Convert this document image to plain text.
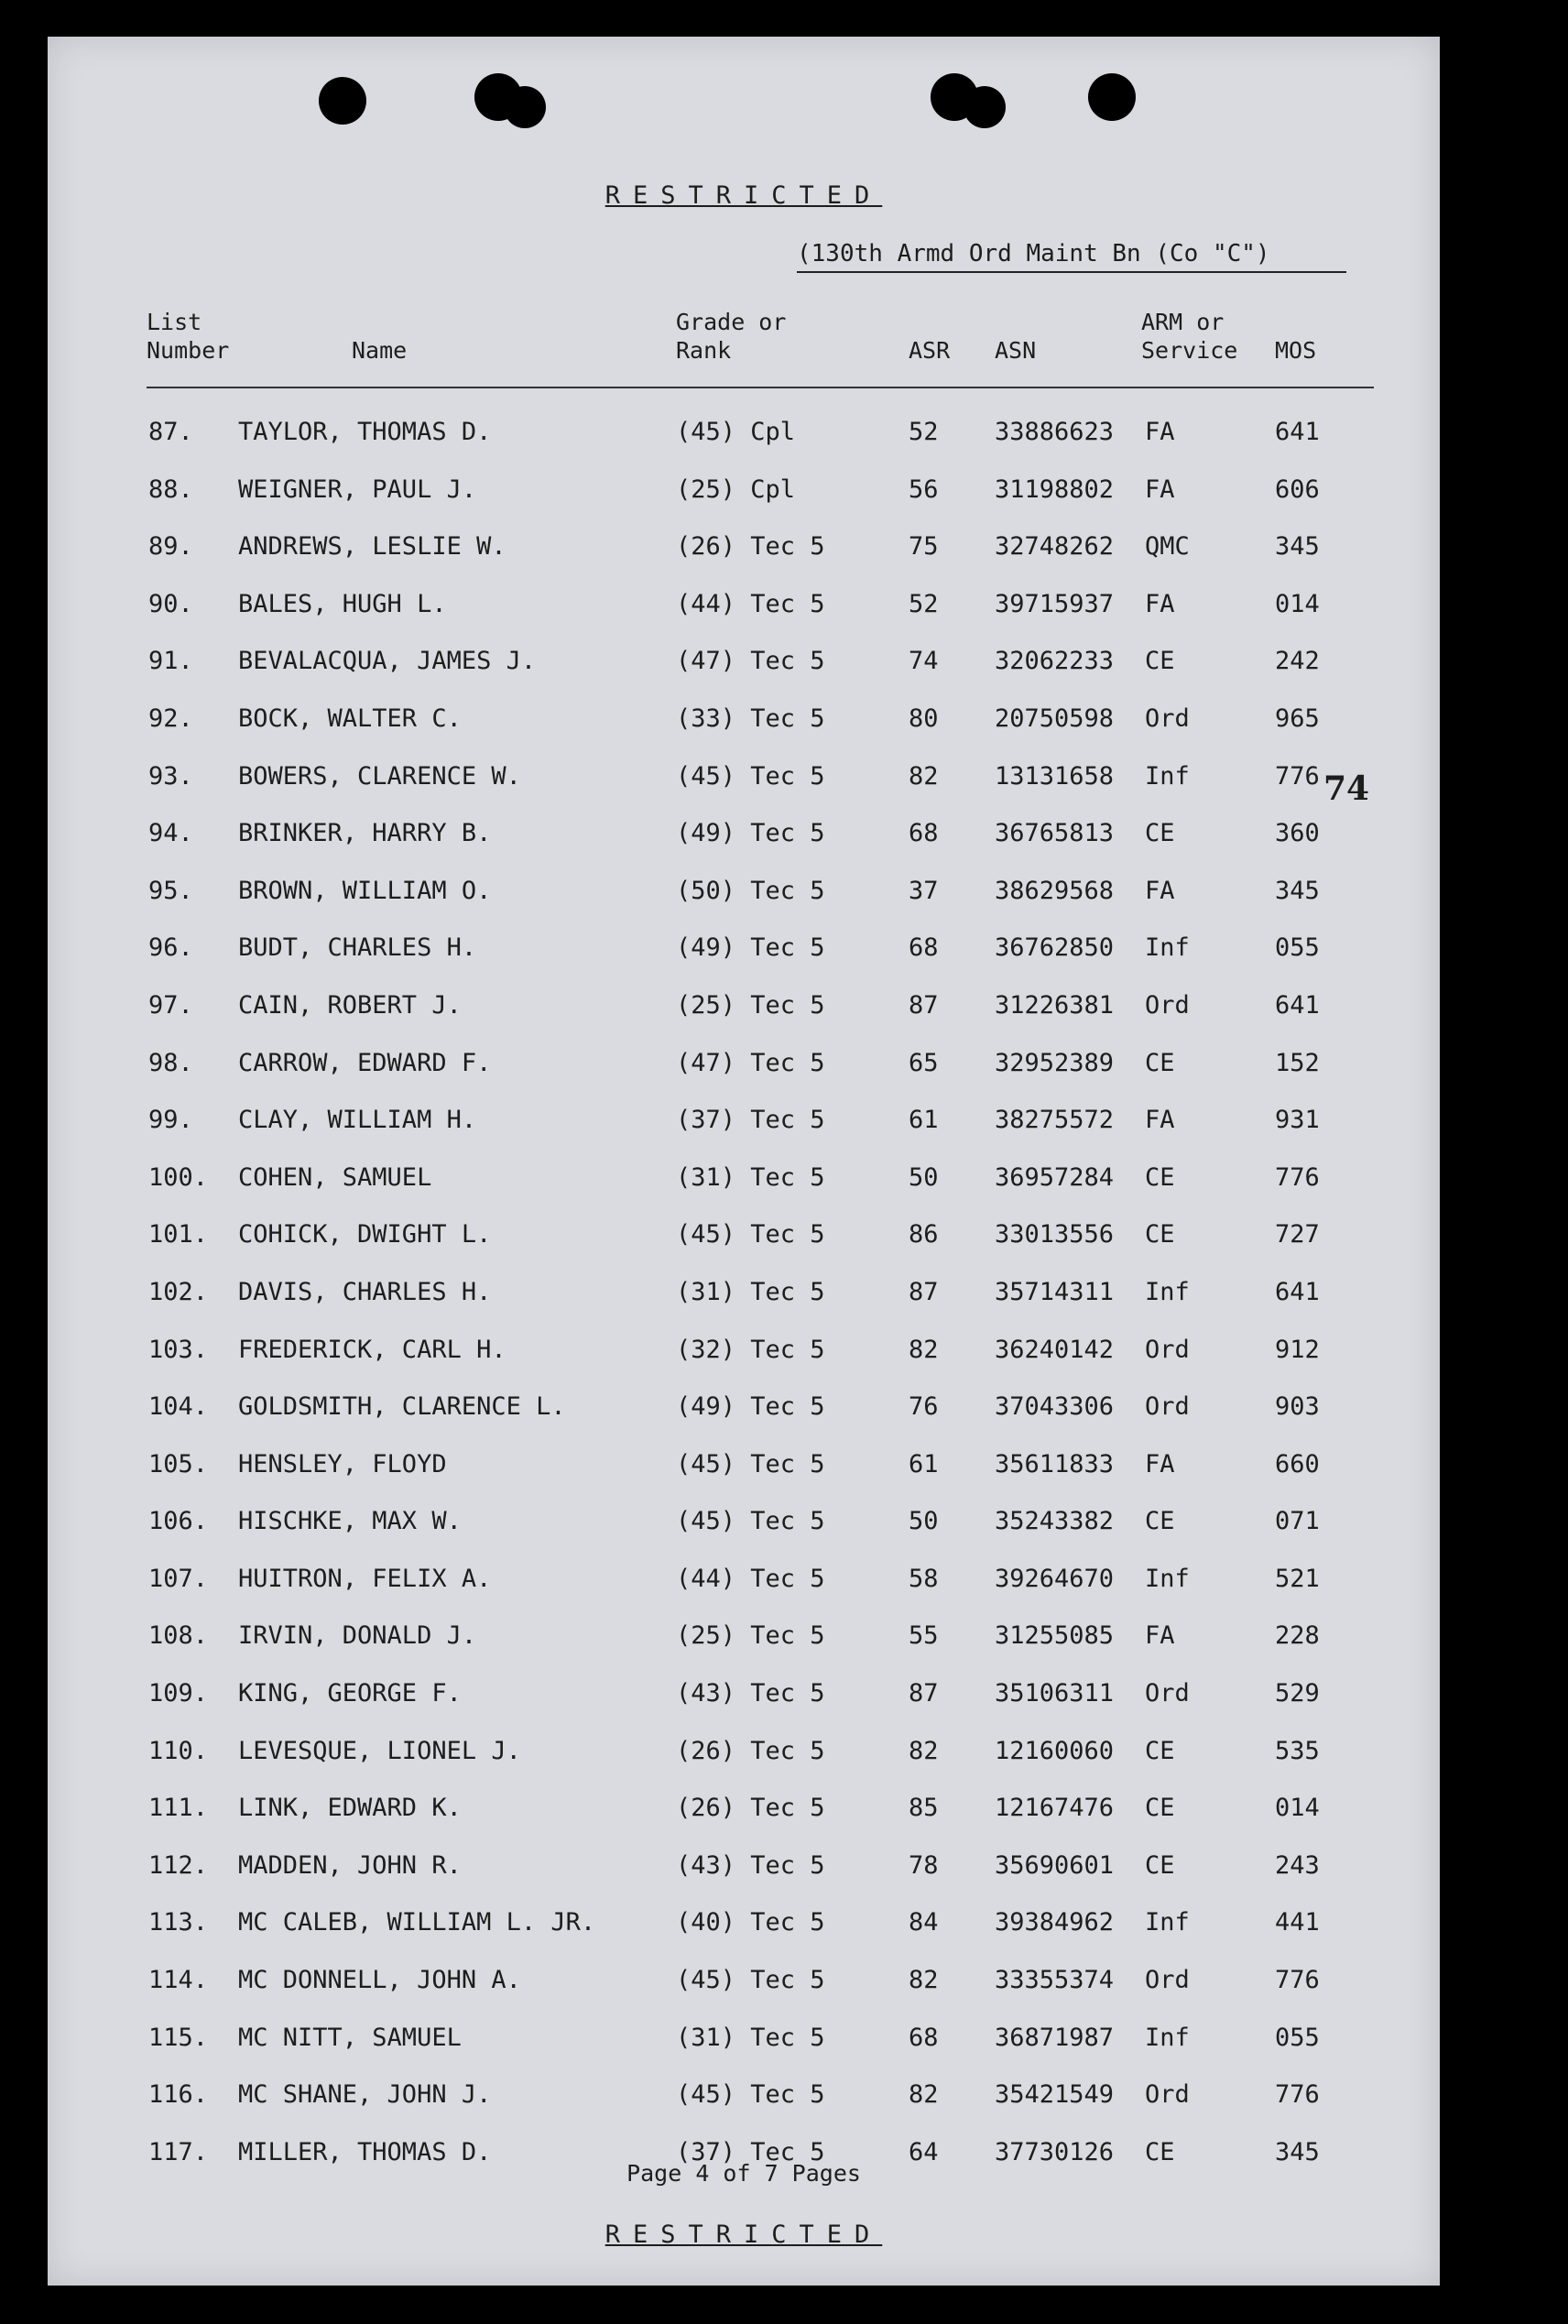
RESTRICTED
(130th Armd Ord Maint Bn (Co "C")
List
Number	Name
Grade or
Rank	ASR ASN
ARM or
Service MOS
87. TAYLOR, THOMAS D.	(45) Cpl	52 33886623 FA	641
88. WEIGNER, PAUL J.	(25) Cpl	56 31198802 FA	606
89. ANDREWS, LESLIE W.	(26) Tec 5	75 32748262 QMC	345
90. BALES, HUGH L.	(44) Tec 5	52 39715937 FA	014
91. BEVALACQUA, JAMES J.	(47) Tec 5	74 32062233 CE	242
92. BOCK, WALTER C.	(33) Tec 5	80 20750598 Ord	965
93. BOWERS, CLARENCE W.	(45) Tec 5	82 13131658 Inf	776
94. BRINKER, HARRY B.	(49) Tec 5	68 36765813 CE	360
95. BROWN, WILLIAM O.	(50) Tec 5	37 38629568 FA	345
96. BUDT, CHARLES H.	(49) Tec 5	68 36762850 Inf	055
97. CAIN, ROBERT J.	(25) Tec 5	87 31226381 Ord	641
98. CARROW, EDWARD F.	(47) Tec 5	65 32952389 CE	152
99. CLAY, WILLIAM H.	(37) Tec 5	61 38275572 FA	931
100. COHEN, SAMUEL	(31) Tec 5	50 36957284 CE	776
101. COHICK, DWIGHT L.	(45) Tec 5	86 33013556 CE	727
102. DAVIS, CHARLES H.	(31) Tec 5	87 35714311 Inf	641
103. FREDERICK, CARL H.	(32) Tec 5	82 36240142 Ord	912
104. GOLDSMITH, CLARENCE L.	(49) Tec 5	76 37043306 Ord	903
105. HENSLEY, FLOYD	(45) Tec 5	61 35611833 FA	660
106. HISCHKE, MAX W.	(45) Tec 5	50 35243382 CE	071
107. HUITRON, FELIX A.	(44) Tec 5	58 39264670 Inf	521
108. IRVIN, DONALD J.	(25) Tec 5	55 31255085 FA	228
109. KING, GEORGE F.	(43) Tec 5	87 35106311 Ord	529
110. LEVESQUE, LIONEL J.	(26) Tec 5	82 12160060 CE	535
111. LINK, EDWARD K.	(26) Tec 5	85 12167476 CE	014
112. MADDEN, JOHN R.	(43) Tec 5	78 35690601 CE	243
113. MC CALEB, WILLIAM L. JR.	(40) Tec 5	84 39384962 Inf	441
114. MC DONNELL, JOHN A.	(45) Tec 5	82 33355374 Ord	776
115. MC NITT, SAMUEL	(31) Tec 5	68 36871987 Inf	055
116. MC SHANE, JOHN J.	(45) Tec 5	82 35421549 Ord	776
117. MILLER, THOMAS D.	(37) Tec 5	64 37730126 CE	345
74
Page 4 of 7 Pages
RESTRICTED
